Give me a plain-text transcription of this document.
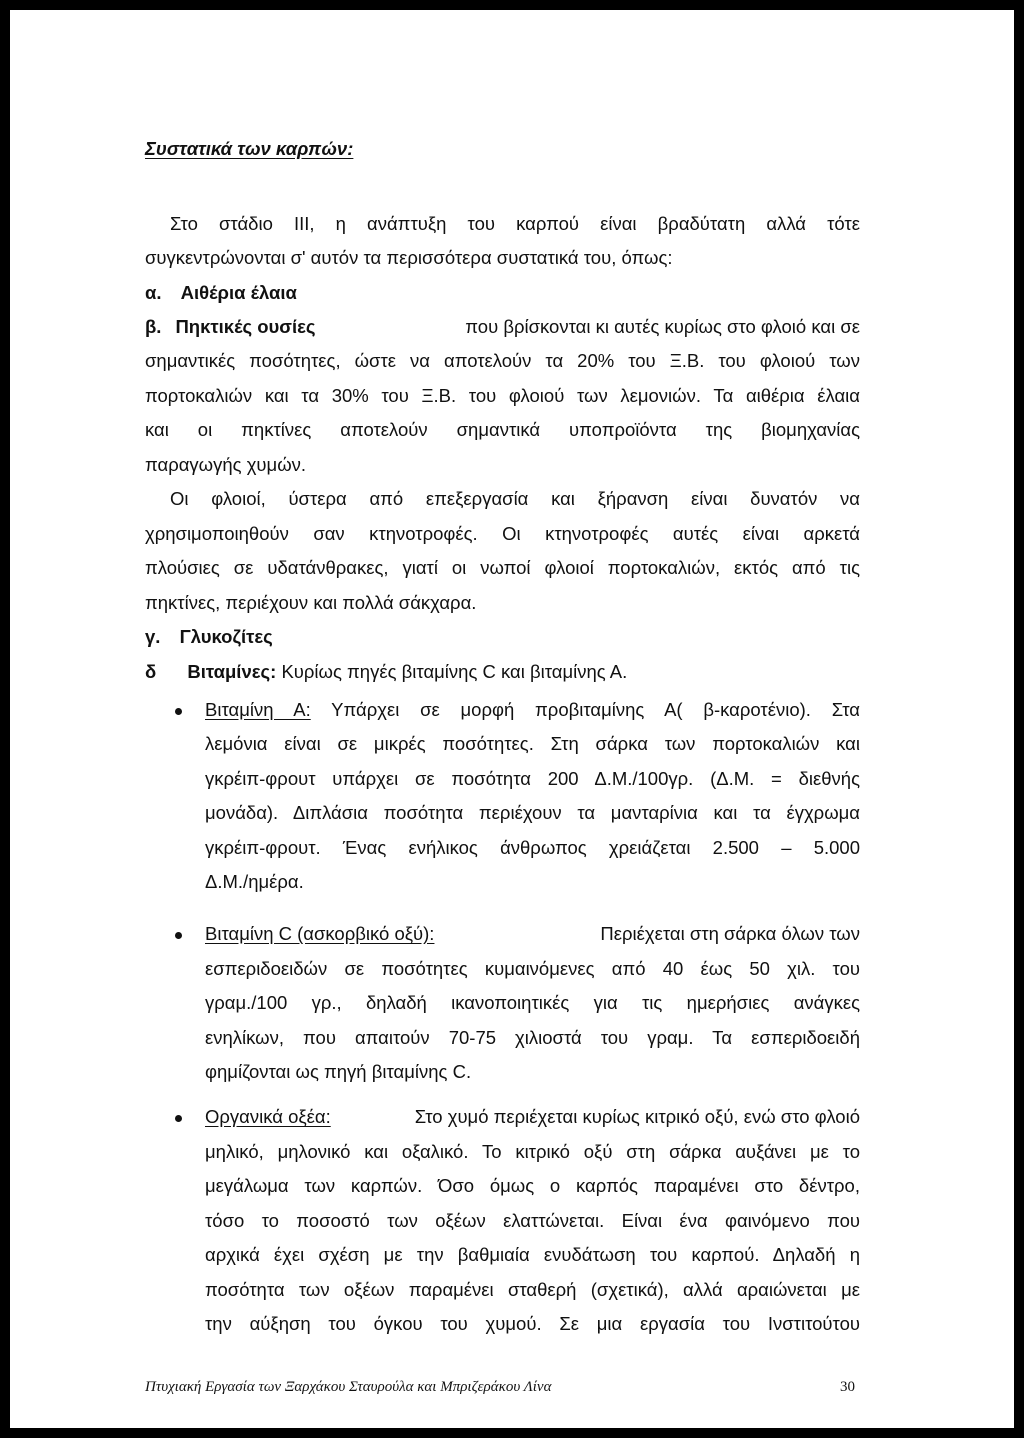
Συστατικά των καρπών:
Στο στάδιο ΙΙΙ, η ανάπτυξη του καρπού είναι βραδύτατη αλλά τότε
συγκεντρώνονται σ' αυτόν τα περισσότερα συστατικά του, όπως:
α. Αιθέρια έλαια
β. Πηκτικές ουσίες	που βρίσκονται κι αυτές κυρίως στο φλοιό και σε
σημαντικές ποσότητες, ώστε να αποτελούν τα 20% του Ξ.Β. του φλοιού των
πορτοκαλιών και τα 30% του Ξ.Β. του φλοιού των λεμονιών. Τα αιθέρια έλαια
και οι πηκτίνες αποτελούν σημαντικά υποπροϊόντα της βιομηχανίας
παραγωγής χυμών.
Οι φλοιοί, ύστερα από επεξεργασία και ξήρανση είναι δυνατόν να
χρησιμοποιηθούν σαν κτηνοτροφές. Οι κτηνοτροφές αυτές είναι αρκετά
πλούσιες σε υδατάνθρακες, γιατί οι νωποί φλοιοί πορτοκαλιών, εκτός από τις
πηκτίνες, περιέχουν και πολλά σάκχαρα.
γ. Γλυκοζίτες
δ Βιταμίνες: Κυρίως πηγές βιταμίνης C και βιταμίνης Α.
Βιταμίνη Α: Υπάρχει σε μορφή προβιταμίνης Α( β-καροτένιο). Στα
λεμόνια είναι σε μικρές ποσότητες. Στη σάρκα των πορτοκαλιών και
γκρέιπ-φρουτ υπάρχει σε ποσότητα 200 Δ.Μ./100γρ. (Δ.Μ. = διεθνής
μονάδα). Διπλάσια ποσότητα περιέχουν τα μανταρίνια και τα έγχρωμα
γκρέιπ-φρουτ. Ένας ενήλικος άνθρωπος χρειάζεται 2.500 – 5.000
Δ.Μ./ημέρα.
Βιταμίνη C (ασκορβικό οξύ):	Περιέχεται στη σάρκα όλων των
εσπεριδοειδών σε ποσότητες κυμαινόμενες από 40 έως 50 χιλ. του
γραμ./100 γρ., δηλαδή ικανοποιητικές για τις ημερήσιες ανάγκες
ενηλίκων, που απαιτούν 70-75 χιλιοστά του γραμ. Τα εσπεριδοειδή
φημίζονται ως πηγή βιταμίνης C.
Οργανικά οξέα:	Στο χυμό περιέχεται κυρίως κιτρικό οξύ, ενώ στο φλοιό
μηλικό, μηλονικό και οξαλικό. Το κιτρικό οξύ στη σάρκα αυξάνει με το
μεγάλωμα των καρπών. Όσο όμως ο καρπός παραμένει στο δέντρο,
τόσο το ποσοστό των οξέων ελαττώνεται. Είναι ένα φαινόμενο που
αρχικά έχει σχέση με την βαθμιαία ενυδάτωση του καρπού. Δηλαδή η
ποσότητα των οξέων παραμένει σταθερή (σχετικά), αλλά αραιώνεται με
την αύξηση του όγκου του χυμού. Σε μια εργασία του Ινστιτούτου
Πτυχιακή Εργασία των Ξαρχάκου Σταυρούλα και Μπριζεράκου Λίνα	30
